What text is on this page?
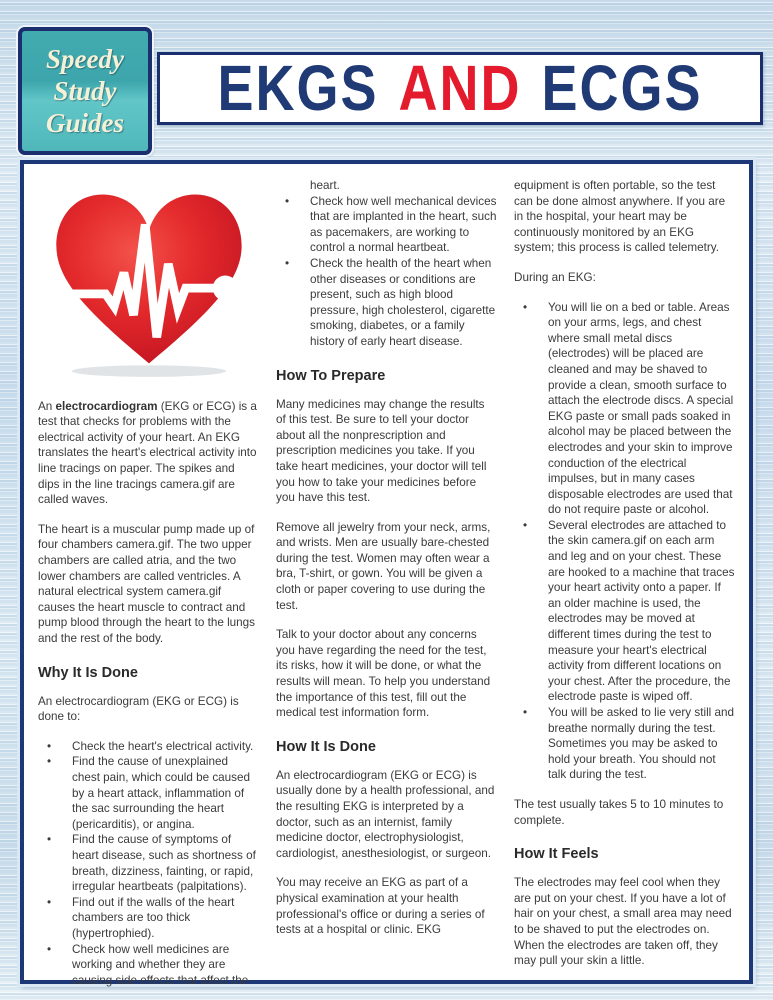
Speedy
Study
Guides EKGS AND ECGS

An electrocardiogram (EKG or ECG) is a test that checks for problems with the electrical activity of your heart. An EKG translates the heart's electrical activity into line tracings on paper. The spikes and dips in the line tracings camera.gif are called waves.

The heart is a muscular pump made up of four chambers camera.gif. The two upper chambers are called atria, and the two lower chambers are called ventricles. A natural electrical system camera.gif causes the heart muscle to contract and pump blood through the heart to the lungs and the rest of the body.

Why It Is Done

An electrocardiogram (EKG or ECG) is done to:

•	Check the heart's electrical activity.
•	Find the cause of unexplained chest pain, which could be caused by a heart attack, inflammation of the sac surrounding the heart (pericarditis), or angina.
•	Find the cause of symptoms of heart disease, such as shortness of breath, dizziness, fainting, or rapid, irregular heartbeats (palpitations).
•	Find out if the walls of the heart chambers are too thick (hypertrophied).
•	Check how well medicines are working and whether they are causing side effects that affect the

heart.

•	Check how well mechanical devices that are implanted in the heart, such as pacemakers, are working to control a normal heartbeat.
•	Check the health of the heart when other diseases or conditions are present, such as high blood pressure, high cholesterol, cigarette smoking, diabetes, or a family history of early heart disease.
How To Prepare

Many medicines may change the results of this test. Be sure to tell your doctor about all the nonprescription and prescription medicines you take. If you take heart medicines, your doctor will tell you how to take your medicines before you have this test.

Remove all jewelry from your neck, arms, and wrists. Men are usually bare-chested during the test. Women may often wear a bra, T-shirt, or gown. You will be given a cloth or paper covering to use during the test.

Talk to your doctor about any concerns you have regarding the need for the test, its risks, how it will be done, or what the results will mean. To help you understand the importance of this test, fill out the medical test information form.

How It Is Done

An electrocardiogram (EKG or ECG) is usually done by a health professional, and the resulting EKG is interpreted by a doctor, such as an internist, family medicine doctor, electrophysiologist, cardiologist, anesthesiologist, or surgeon.

You may receive an EKG as part of a physical examination at your health professional's office or during a series of tests at a hospital or clinic. EKG

equipment is often portable, so the test can be done almost anywhere. If you are in the hospital, your heart may be continuously monitored by an EKG system; this process is called telemetry.

During an EKG:

•	You will lie on a bed or table. Areas on your arms, legs, and chest where small metal discs (electrodes) will be placed are cleaned and may be shaved to provide a clean, smooth surface to attach the electrode discs. A special EKG paste or small pads soaked in alcohol may be placed between the electrodes and your skin to improve conduction of the electrical impulses, but in many cases disposable electrodes are used that do not require paste or alcohol.
•	Several electrodes are attached to the skin camera.gif on each arm and leg and on your chest. These are hooked to a machine that traces your heart activity onto a paper. If an older machine is used, the electrodes may be moved at different times during the test to measure your heart's electrical activity from different locations on your chest. After the procedure, the electrode paste is wiped off.
•	You will be asked to lie very still and breathe normally during the test. Sometimes you may be asked to hold your breath. You should not talk during the test.

The test usually takes 5 to 10 minutes to complete.

How It Feels

The electrodes may feel cool when they are put on your chest. If you have a lot of hair on your chest, a small area may need to be shaved to put the electrodes on. When the electrodes are taken off, they may pull your skin a little.
